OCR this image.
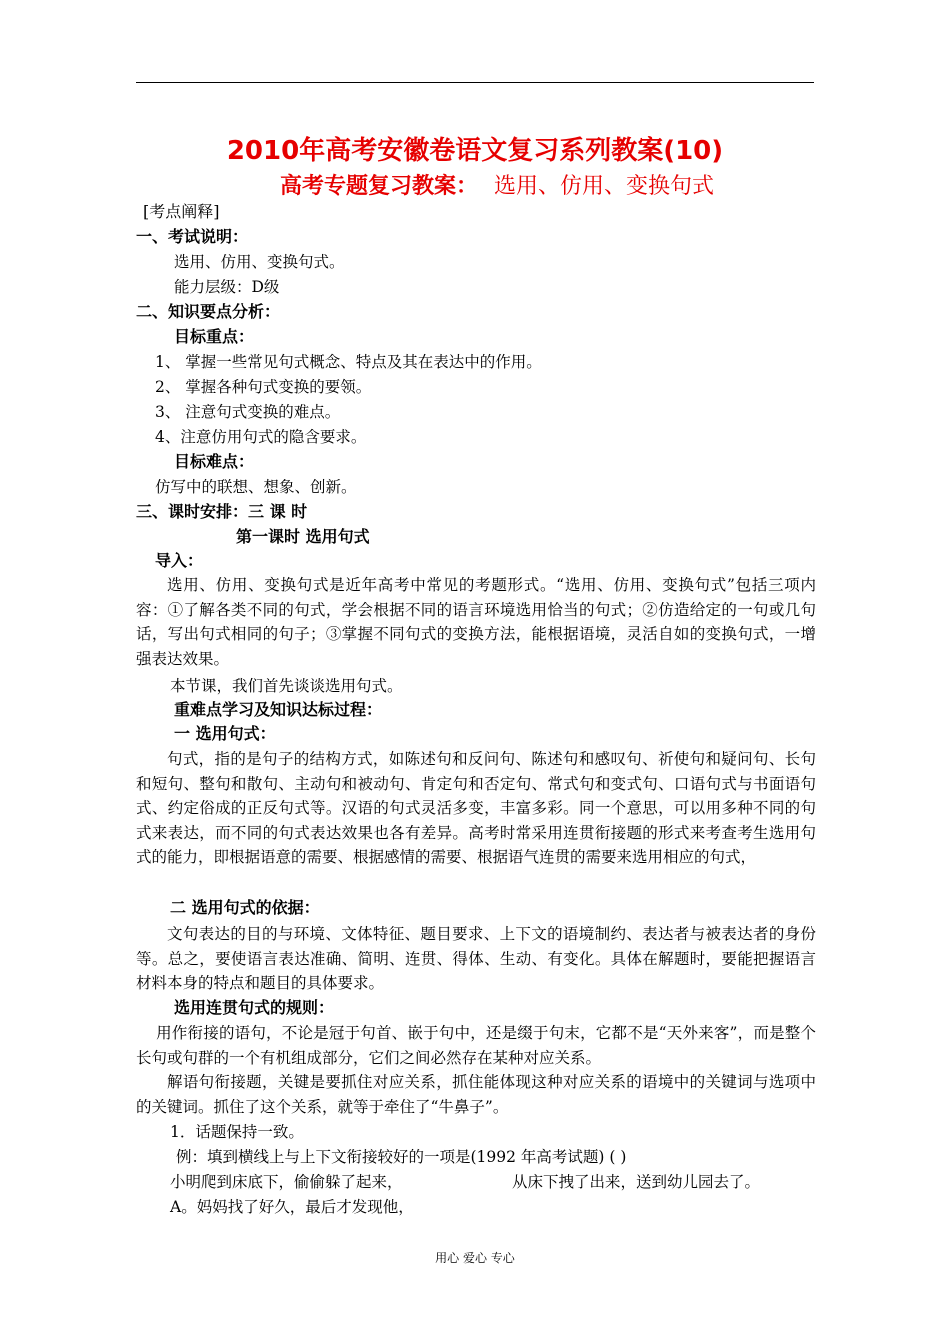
2010年高考安徽卷语文复习系列教案(10)
高考专题复习教案： 选用、仿用、变换句式
[考点阐释]
一、考试说明：
选用、仿用、变换句式。
能力层级：D级
二、知识要点分析：
目标重点：
1、 掌握一些常见句式概念、特点及其在表达中的作用。
2、 掌握各种句式变换的要领。
3、 注意句式变换的难点。
4、注意仿用句式的隐含要求。
目标难点：
仿写中的联想、想象、创新。
三、课时安排：三 课 时
第一课时 选用句式
导入：
选用、仿用、变换句式是近年高考中常见的考题形式。“选用、仿用、变换句式”包括三项内容：①了解各类不同的句式，学会根据不同的语言环境选用恰当的句式；②仿造给定的一句或几句话，写出句式相同的句子；③掌握不同句式的变换方法，能根据语境，灵活自如的变换句式，一增强表达效果。
本节课，我们首先谈谈选用句式。
重难点学习及知识达标过程：
一 选用句式：
句式，指的是句子的结构方式，如陈述句和反问句、陈述句和感叹句、祈使句和疑问句、长句和短句、整句和散句、主动句和被动句、肯定句和否定句、常式句和变式句、口语句式与书面语句式、约定俗成的正反句式等。汉语的句式灵活多变，丰富多彩。同一个意思，可以用多种不同的句式来表达，而不同的句式表达效果也各有差异。高考时常采用连贯衔接题的形式来考查考生选用句式的能力，即根据语意的需要、根据感情的需要、根据语气连贯的需要来选用相应的句式，
二 选用句式的依据：
文句表达的目的与环境、文体特征、题目要求、上下文的语境制约、表达者与被表达者的身份等。总之，要使语言表达准确、简明、连贯、得体、生动、有变化。具体在解题时，要能把握语言材料本身的特点和题目的具体要求。
选用连贯句式的规则：
用作衔接的语句，不论是冠于句首、嵌于句中，还是缀于句末，它都不是“天外来客”，而是整个长句或句群的一个有机组成部分，它们之间必然存在某种对应关系。
解语句衔接题，关键是要抓住对应关系，抓住能体现这种对应关系的语境中的关键词与选项中的关键词。抓住了这个关系，就等于牵住了“牛鼻子”。
1．话题保持一致。
例：填到横线上与上下文衔接较好的一项是(1992 年高考试题) ( )
小明爬到床底下，偷偷躲了起来，	从床下拽了出来，送到幼儿园去了。
A。妈妈找了好久，最后才发现他，
用心 爱心 专心
